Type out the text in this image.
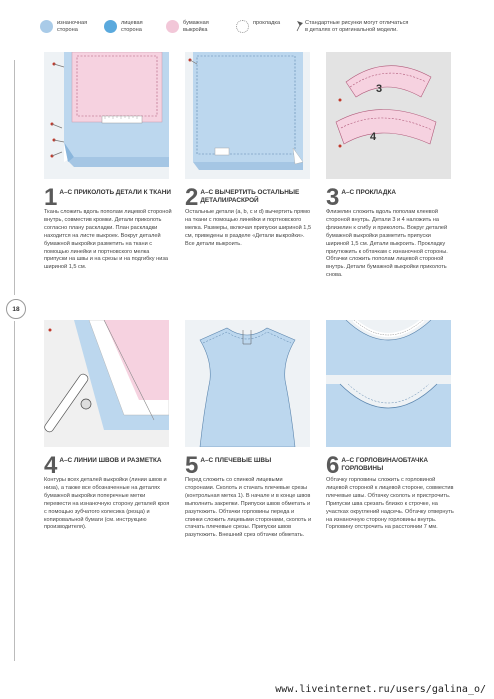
изнаночная
сторона
лицевая
сторона
бумажная
выкройка
прокладка	Стандартные рисунки могут отличаться
в деталях от оригинальной модели.
18
3
4
1 А–С ПРИКОЛОТЬ ДЕТАЛИ К ТКАНИ
Ткань сложить вдоль пополам лицевой стороной внутрь, совместив кромки. Детали приколоть согласно плану раскладки. План раскладки находится на листе выкроек. Вокруг деталей бумажной выкройки разметить на ткани с помощью линейки и портновского мелка припуски на швы и на срезы и на подгибку низа шириной 1,5 см.
2 А–С ВЫЧЕРТИТЬ ОСТАЛЬНЫЕ
ДЕТАЛИ/РАСКРОЙ
Остальные детали (a, b, c и d) вычертить прямо на ткани с помощью линейки и портновского мелка. Размеры, включая припуски шириной 1,5 см, приведены в разделе «Детали выкройки». Все детали выкроить.
3 А–С ПРОКЛАДКА
Флизелин сложить вдоль пополам клеевой стороной внутрь. Детали 3 и 4 наложить на флизелин к сгибу и приколоть. Вокруг деталей бумажной выкройки разметить припуски шириной 1,5 см. Детали выкроить. Прокладку приутюжить к обтачкам с изнаночной стороны. Обтачки сложить пополам лицевой стороной внутрь. Детали бумажной выкройки приколоть снова.
4 А–С ЛИНИИ ШВОВ И РАЗМЕТКА
Контуры всех деталей выкройки (линии швов и низа), а также все обозначенные на деталях бумажной выкройки поперечные метки перевести на изнаночную сторону деталей кроя с помощью зубчатого колесика (резца) и копировальной бумаги (см. инструкцию производителя).
5 А–С ПЛЕЧЕВЫЕ ШВЫ
Перед сложить со спинкой лицевыми сторонами. Сколоть и стачать плечевые срезы (контрольная метка 1). В начале и в конце швов выполнить закрепки. Припуски швов обметать и разутюжить. Обтачки горловины переда и спинки сложить лицевыми сторонами, сколоть и стачать плечевые срезы. Припуски швов разутюжить. Внешний срез обтачки обметать.
6 А–С ГОРЛОВИНА/ОБТАЧКА
ГОРЛОВИНЫ
Обтачку горловины сложить с горловиной лицевой стороной к лицевой стороне, совместив плечевые швы. Обтачку сколоть и пристрочить. Припуски шва срезать близко к строчке, на участках округлений надсечь. Обтачку отвернуть на изнаночную сторону горловины внутрь. Горловину отстрочить на расстоянии 7 мм.
www.liveinternet.ru/users/galina_o/
